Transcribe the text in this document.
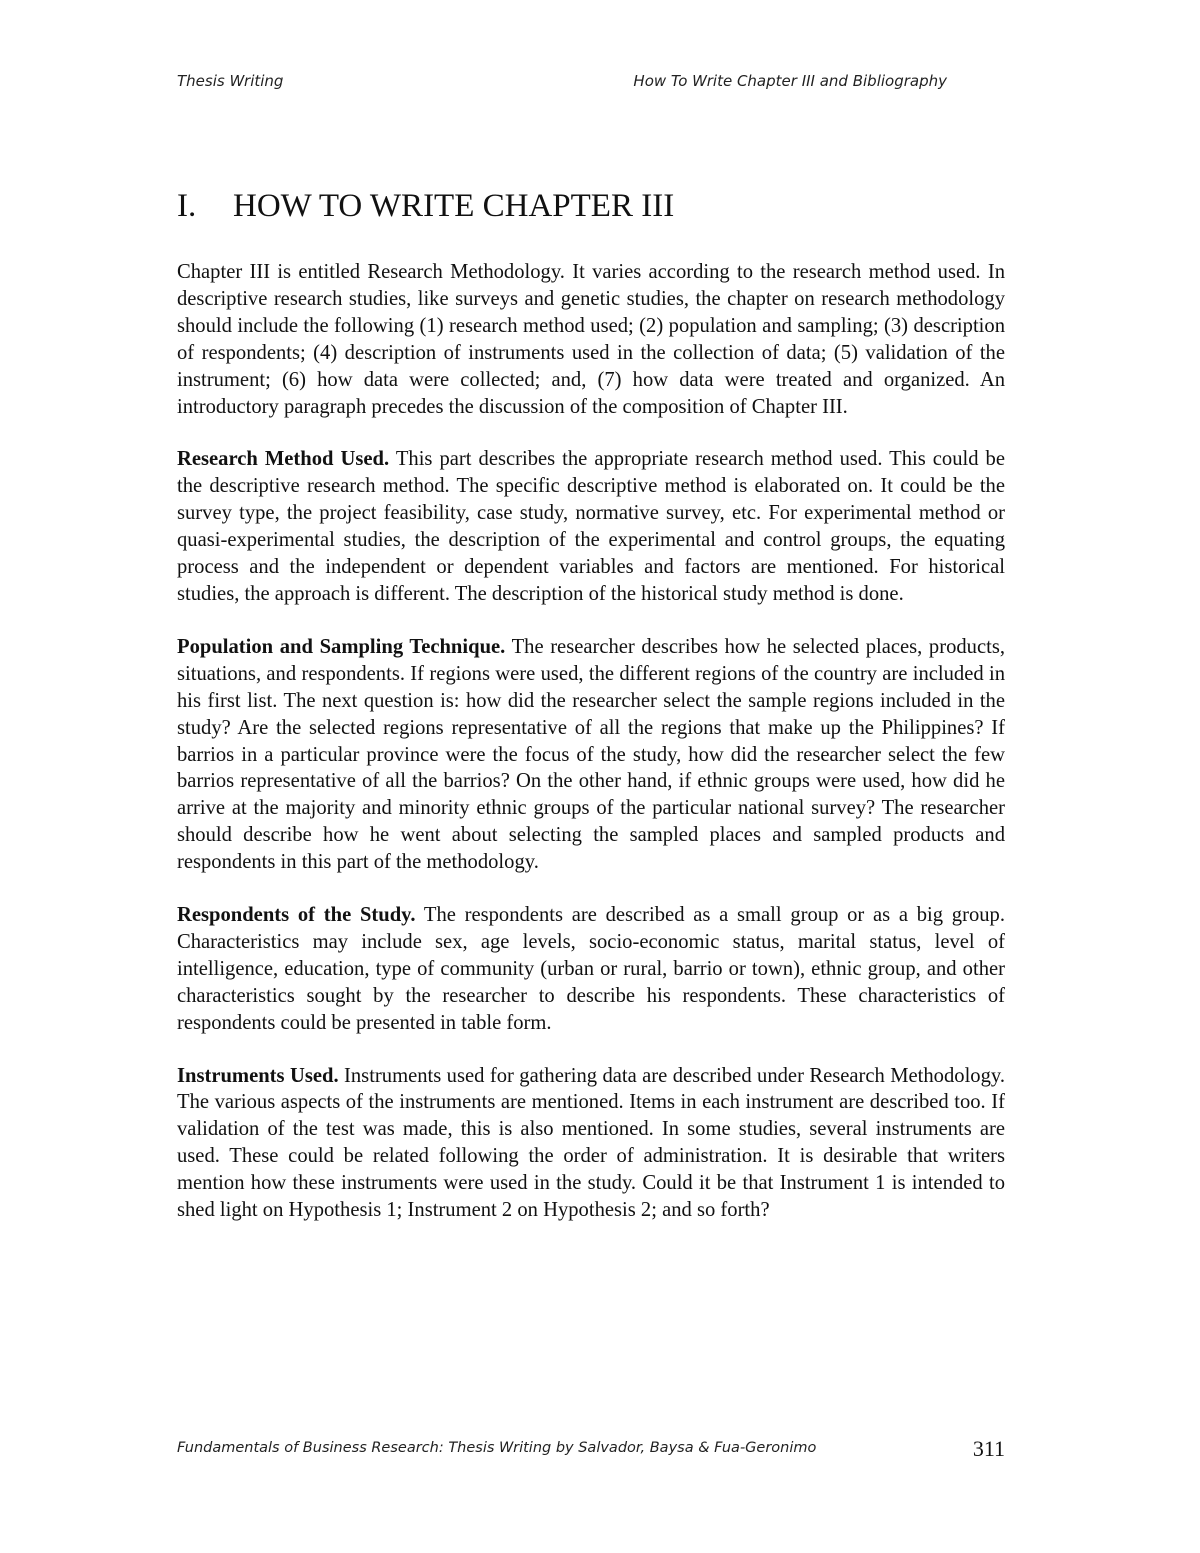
Thesis Writing	How To Write Chapter III and Bibliography
I. HOW TO WRITE CHAPTER III

Chapter III is entitled Research Methodology. It varies according to the research method used. In descriptive research studies, like surveys and genetic studies, the chapter on research methodology should include the following (1) research method used; (2) population and sampling; (3) description of respondents; (4) description of instruments used in the collection of data; (5) validation of the instrument; (6) how data were collected; and, (7) how data were treated and organized. An introductory paragraph precedes the discussion of the composition of Chapter III.

Research Method Used. This part describes the appropriate research method used. This could be the descriptive research method. The specific descriptive method is elaborated on. It could be the survey type, the project feasibility, case study, normative survey, etc. For experimental method or quasi-experimental studies, the description of the experimental and control groups, the equating process and the independent or dependent variables and factors are mentioned. For historical studies, the approach is different. The description of the historical study method is done.

Population and Sampling Technique. The researcher describes how he selected places, products, situations, and respondents. If regions were used, the different regions of the country are included in his first list. The next question is: how did the researcher select the sample regions included in the study? Are the selected regions representative of all the regions that make up the Philippines? If barrios in a particular province were the focus of the study, how did the researcher select the few barrios representative of all the barrios? On the other hand, if ethnic groups were used, how did he arrive at the majority and minority ethnic groups of the particular national survey? The researcher should describe how he went about selecting the sampled places and sampled products and respondents in this part of the methodology.

Respondents of the Study. The respondents are described as a small group or as a big group. Characteristics may include sex, age levels, socio-economic status, marital status, level of intelligence, education, type of community (urban or rural, barrio or town), ethnic group, and other characteristics sought by the researcher to describe his respondents. These characteristics of respondents could be presented in table form.

Instruments Used. Instruments used for gathering data are described under Research Methodology. The various aspects of the instruments are mentioned. Items in each instrument are described too. If validation of the test was made, this is also mentioned. In some studies, several instruments are used. These could be related following the order of administration. It is desirable that writers mention how these instruments were used in the study. Could it be that Instrument 1 is intended to shed light on Hypothesis 1; Instrument 2 on Hypothesis 2; and so forth?

Fundamentals of Business Research: Thesis Writing by Salvador, Baysa & Fua-Geronimo	311
